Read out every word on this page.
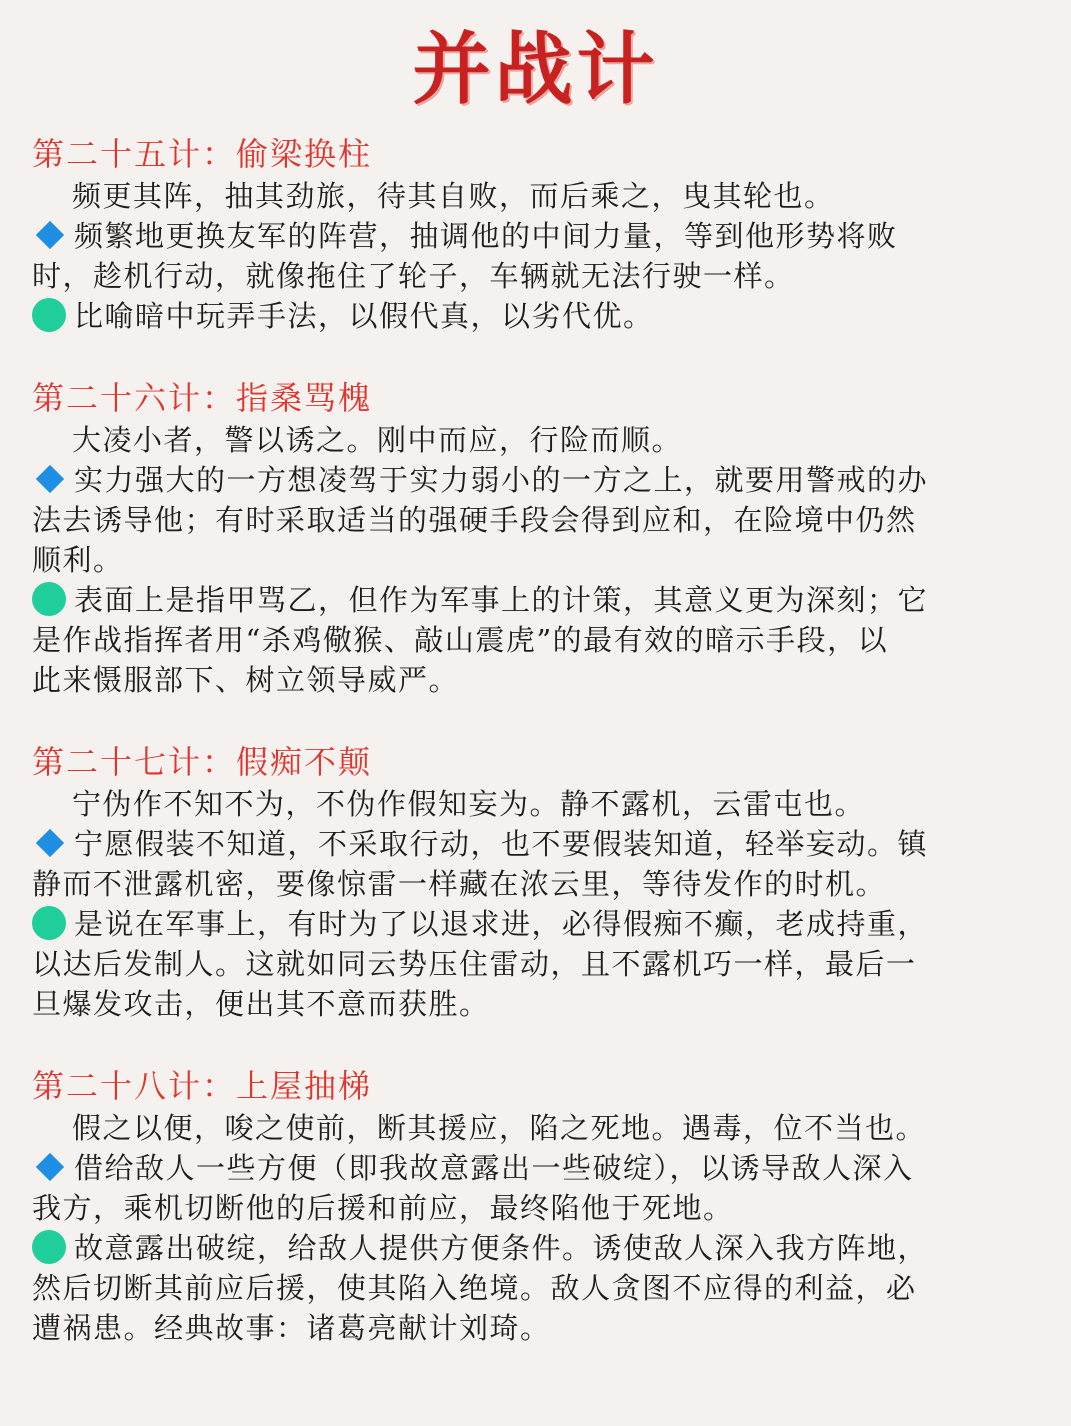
并战计
第二十五计：偷梁换柱
频更其阵，抽其劲旅，待其自败，而后乘之，曳其轮也。
频繁地更换友军的阵营，抽调他的中间力量，等到他形势将败
时，趁机行动，就像拖住了轮子，车辆就无法行驶一样。
比喻暗中玩弄手法，以假代真，以劣代优。
第二十六计：指桑骂槐
大凌小者，警以诱之。刚中而应，行险而顺。
实力强大的一方想凌驾于实力弱小的一方之上，就要用警戒的办
法去诱导他；有时采取适当的强硬手段会得到应和，在险境中仍然
顺利。
表面上是指甲骂乙，但作为军事上的计策，其意义更为深刻；它
是作战指挥者用“杀鸡儆猴、敲山震虎”的最有效的暗示手段，以
此来慑服部下、树立领导威严。
第二十七计：假痴不颠
宁伪作不知不为，不伪作假知妄为。静不露机，云雷屯也。
宁愿假装不知道，不采取行动，也不要假装知道，轻举妄动。镇
静而不泄露机密，要像惊雷一样藏在浓云里，等待发作的时机。
是说在军事上，有时为了以退求进，必得假痴不癫，老成持重，
以达后发制人。这就如同云势压住雷动，且不露机巧一样，最后一
旦爆发攻击，便出其不意而获胜。
第二十八计：上屋抽梯
假之以便，唆之使前，断其援应，陷之死地。遇毒，位不当也。
借给敌人一些方便（即我故意露出一些破绽），以诱导敌人深入
我方，乘机切断他的后援和前应，最终陷他于死地。
故意露出破绽，给敌人提供方便条件。诱使敌人深入我方阵地，
然后切断其前应后援，使其陷入绝境。敌人贪图不应得的利益，必
遭祸患。经典故事：诸葛亮献计刘琦。
